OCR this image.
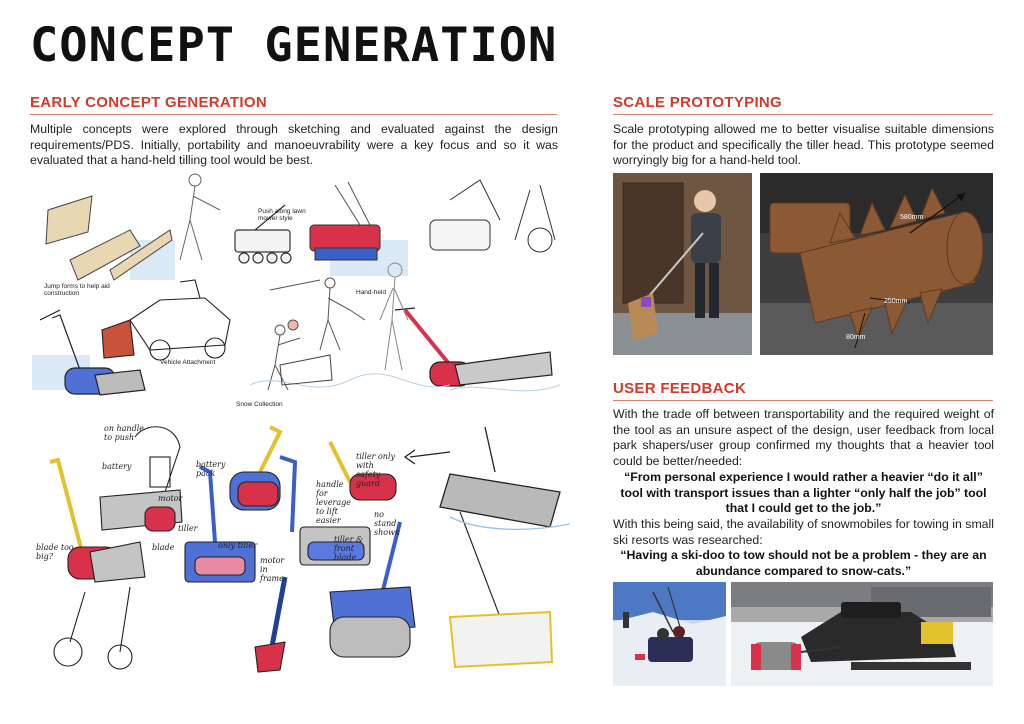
CONCEPT GENERATION
EARLY CONCEPT GENERATION
Multiple concepts were explored through sketching and evaluated against the design requirements/PDS. Initially, portability and manoeuvrability were a key focus and so it was evaluated that a hand-held tilling tool would be best.
Jump forms to help aid construction
Push along lawn mower style
Vehicle Attachment
Hand-held
Snow Collection
on handle to push
battery	battery pack
motor
tiller
blade
blade too big?
only tiller
motor in frame
tiller only with safety guard
handle for leverage to lift easier
tiller & front blade
no stand shown
SCALE PROTOTYPING
Scale prototyping allowed me to better visualise suitable dimensions for the product and specifically the tiller head. This prototype seemed worryingly big for a hand-held tool.
580mm
250mm
80mm
USER FEEDBACK
With the trade off between transportability and the required weight of the tool as an unsure aspect of the design, user feedback from local park shapers/user group confirmed my thoughts that a heavier tool could be better/needed:
“From personal experience I would rather a heavier “do it all” tool with transport issues than a lighter “only half the job” tool that I could get to the job.”
With this being said, the availability of snowmobiles for towing in small ski resorts was researched:
“Having a ski-doo to tow should not be a problem - they are an abundance compared to snow-cats.”
